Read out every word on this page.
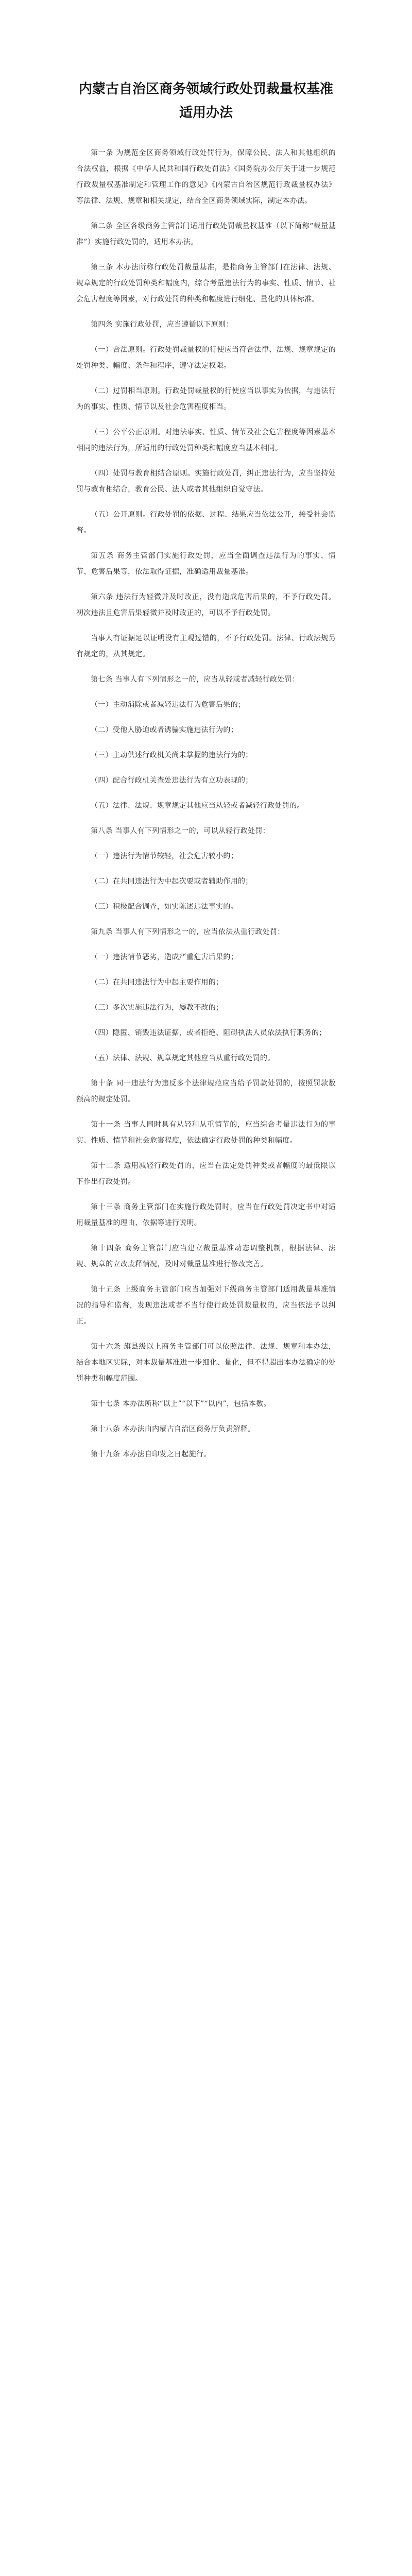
内蒙古自治区商务领域行政处罚裁量权基准适用办法

第一条 为规范全区商务领域行政处罚行为，保障公民、法人和其他组织的合法权益，根据《中华人民共和国行政处罚法》《国务院办公厅关于进一步规范行政裁量权基准制定和管理工作的意见》《内蒙古自治区规范行政裁量权办法》等法律、法规、规章和相关规定，结合全区商务领域实际，制定本办法。

第二条 全区各级商务主管部门适用行政处罚裁量权基准（以下简称“裁量基准”）实施行政处罚的，适用本办法。

第三条 本办法所称行政处罚裁量基准，是指商务主管部门在法律、法规、规章规定的行政处罚种类和幅度内，综合考量违法行为的事实、性质、情节、社会危害程度等因素，对行政处罚的种类和幅度进行细化、量化的具体标准。

第四条 实施行政处罚，应当遵循以下原则：

（一）合法原则。行政处罚裁量权的行使应当符合法律、法规、规章规定的处罚种类、幅度、条件和程序，遵守法定权限。

（二）过罚相当原则。行政处罚裁量权的行使应当以事实为依据，与违法行为的事实、性质、情节以及社会危害程度相当。

（三）公平公正原则。对违法事实、性质、情节及社会危害程度等因素基本相同的违法行为，所适用的行政处罚种类和幅度应当基本相同。

（四）处罚与教育相结合原则。实施行政处罚，纠正违法行为，应当坚持处罚与教育相结合，教育公民、法人或者其他组织自觉守法。

（五）公开原则。行政处罚的依据、过程、结果应当依法公开，接受社会监督。

第五条 商务主管部门实施行政处罚，应当全面调查违法行为的事实、情节、危害后果等，依法取得证据，准确适用裁量基准。

第六条 违法行为轻微并及时改正，没有造成危害后果的，不予行政处罚。初次违法且危害后果轻微并及时改正的，可以不予行政处罚。

当事人有证据足以证明没有主观过错的，不予行政处罚。法律、行政法规另有规定的，从其规定。

第七条 当事人有下列情形之一的，应当从轻或者减轻行政处罚：

（一）主动消除或者减轻违法行为危害后果的；

（二）受他人胁迫或者诱骗实施违法行为的；

（三）主动供述行政机关尚未掌握的违法行为的；

（四）配合行政机关查处违法行为有立功表现的；

（五）法律、法规、规章规定其他应当从轻或者减轻行政处罚的。

第八条 当事人有下列情形之一的，可以从轻行政处罚：

（一）违法行为情节较轻，社会危害较小的；

（二）在共同违法行为中起次要或者辅助作用的；

（三）积极配合调查，如实陈述违法事实的。

第九条 当事人有下列情形之一的，应当依法从重行政处罚：

（一）违法情节恶劣，造成严重危害后果的；

（二）在共同违法行为中起主要作用的；

（三）多次实施违法行为，屡教不改的；

（四）隐匿、销毁违法证据，或者拒绝、阻碍执法人员依法执行职务的；

（五）法律、法规、规章规定其他应当从重行政处罚的。

第十条 同一违法行为违反多个法律规范应当给予罚款处罚的，按照罚款数额高的规定处罚。

第十一条 当事人同时具有从轻和从重情节的，应当综合考量违法行为的事实、性质、情节和社会危害程度，依法确定行政处罚的种类和幅度。

第十二条 适用减轻行政处罚的，应当在法定处罚种类或者幅度的最低限以下作出行政处罚。

第十三条 商务主管部门在实施行政处罚时，应当在行政处罚决定书中对适用裁量基准的理由、依据等进行说明。

第十四条 商务主管部门应当建立裁量基准动态调整机制，根据法律、法规、规章的立改废释情况，及时对裁量基准进行修改完善。

第十五条 上级商务主管部门应当加强对下级商务主管部门适用裁量基准情况的指导和监督，发现违法或者不当行使行政处罚裁量权的，应当依法予以纠正。

第十六条 旗县级以上商务主管部门可以依照法律、法规、规章和本办法，结合本地区实际，对本裁量基准进一步细化、量化，但不得超出本办法确定的处罚种类和幅度范围。

第十七条 本办法所称“以上”“以下”“以内”，包括本数。

第十八条 本办法由内蒙古自治区商务厅负责解释。

第十九条 本办法自印发之日起施行。
